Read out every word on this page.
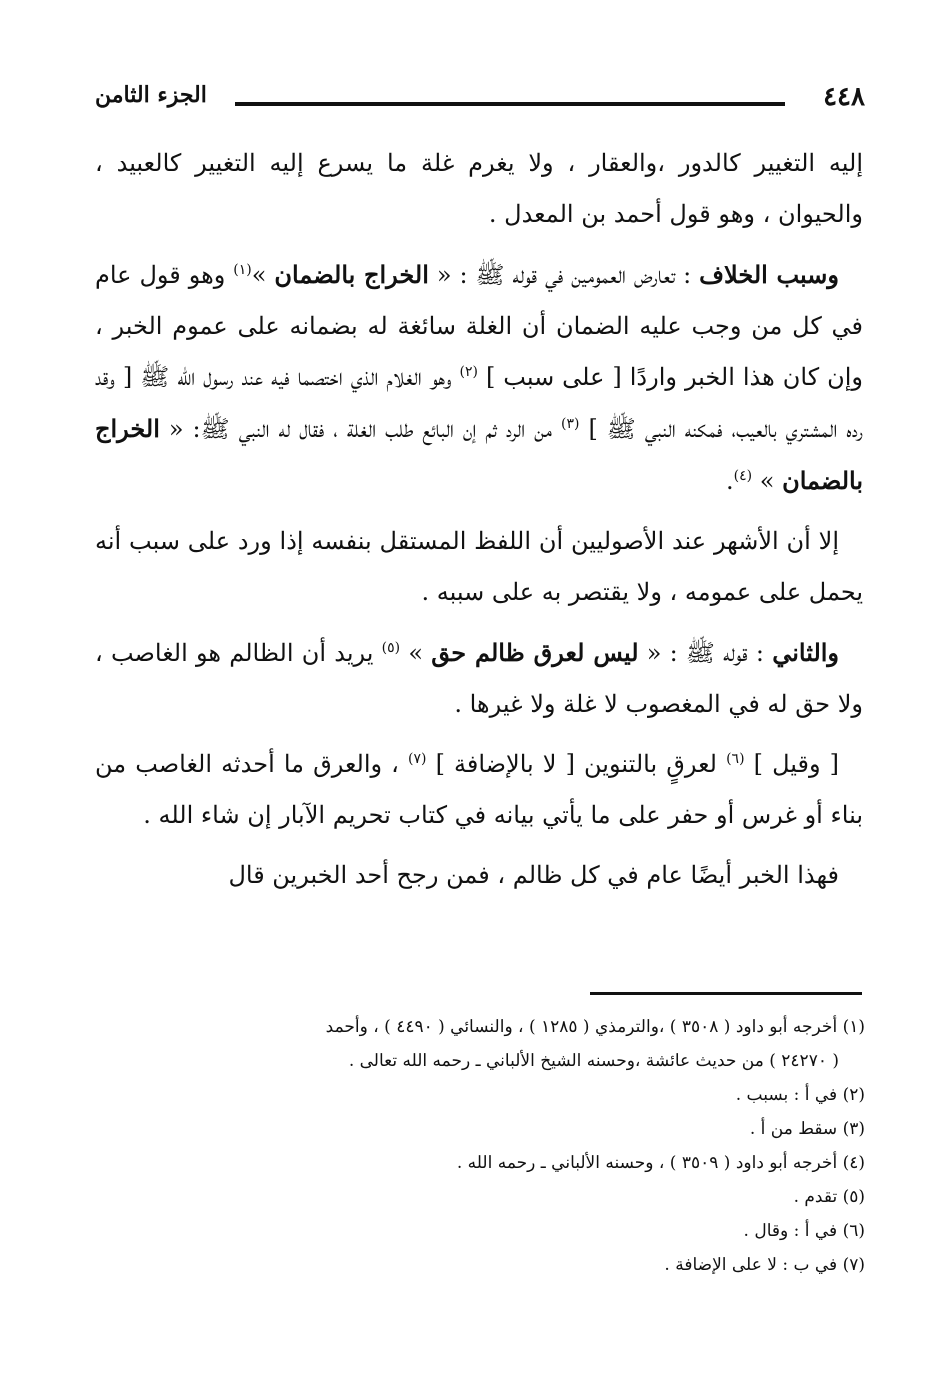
٤٤٨
الجزء الثامن

إليه التغيير كالدور ،والعقار ، ولا يغرم غلة ما يسرع إليه التغيير كالعبيد ، والحيوان ، وهو قول أحمد بن المعدل .

وسبب الخلاف : تعارض العمومين في قوله ﷺ : « الخراج بالضمان »$^{(١)}$ وهو قول عام في كل من وجب عليه الضمان أن الغلة سائغة له بضمانه على عموم الخبر ، وإن كان هذا الخبر واردًا [ على سبب ] $^{(٢)}$ وهو الغلام الذي اختصما فيه عند رسول الله ﷺ [ وقد رده المشتري بالعيب، فمكنه النبي ﷺ ] $^{(٣)}$ من الرد ثم إن البائع طلب الغلة ، فقال له النبي ﷺ: « الخراج بالضمان » $^{(٤)}$.

إلا أن الأشهر عند الأصوليين أن اللفظ المستقل بنفسه إذا ورد على سبب أنه يحمل على عمومه ، ولا يقتصر به على سببه .

والثاني : قوله ﷺ : « ليس لعرق ظالم حق » $^{(٥)}$ يريد أن الظالم هو الغاصب ، ولا حق له في المغصوب لا غلة ولا غيرها .

[ وقيل ] $^{(٦)}$ لعرقٍ بالتنوين [ لا بالإضافة ] $^{(٧)}$ ، والعرق ما أحدثه الغاصب من بناء أو غرس أو حفر على ما يأتي بيانه في كتاب تحريم الآبار إن شاء الله .

فهذا الخبر أيضًا عام في كل ظالم ، فمن رجح أحد الخبرين قال

(١) أخرجه أبو داود ( ٣٥٠٨ ) ،والترمذي ( ١٢٨٥ ) ، والنسائي ( ٤٤٩٠ ) ، وأحمد

( ٢٤٢٧٠ ) من حديث عائشة ،وحسنه الشيخ الألباني ـ رحمه الله تعالى .

(٢) في أ : بسبب .

(٣) سقط من أ .

(٤) أخرجه أبو داود ( ٣٥٠٩ ) ، وحسنه الألباني ـ رحمه الله .

(٥) تقدم .

(٦) في أ : وقال .

(٧) في ب : لا على الإضافة .
